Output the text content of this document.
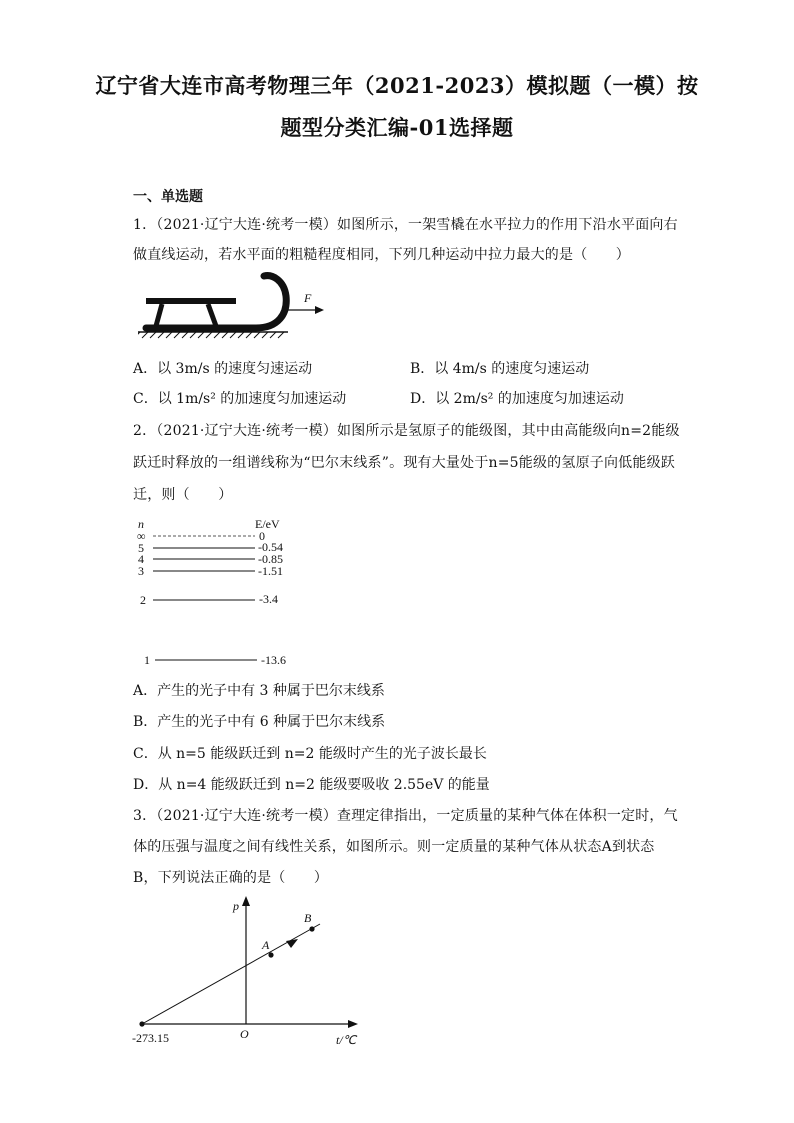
辽宁省大连市高考物理三年（2021-2023）模拟题（一模）按
题型分类汇编-01选择题
一、单选题
1．（2021·辽宁大连·统考一模）如图所示，一架雪橇在水平拉力的作用下沿水平面向右
做直线运动，若水平面的粗糙程度相同，下列几种运动中拉力最大的是（　　）
F
A．以 3m/s 的速度匀速运动	B．以 4m/s 的速度匀速运动
C．以 1m/s² 的加速度匀加速运动	D．以 2m/s² 的加速度匀加速运动
2．（2021·辽宁大连·统考一模）如图所示是氢原子的能级图，其中由高能级向n=2能级
跃迁时释放的一组谱线称为“巴尔末线系”。现有大量处于n=5能级的氢原子向低能级跃
迁，则（　　）
n	E/eV
∞	0
5	-0.54
4	-0.85
3	-1.51
2	-3.4
1	-13.6
A．产生的光子中有 3 种属于巴尔末线系
B．产生的光子中有 6 种属于巴尔末线系
C．从 n=5 能级跃迁到 n=2 能级时产生的光子波长最长
D．从 n=4 能级跃迁到 n=2 能级要吸收 2.55eV 的能量
3．（2021·辽宁大连·统考一模）查理定律指出，一定质量的某种气体在体积一定时，气
体的压强与温度之间有线性关系，如图所示。则一定质量的某种气体从状态A到状态
B，下列说法正确的是（　　）
p
t/℃
O
-273.15
A
B
